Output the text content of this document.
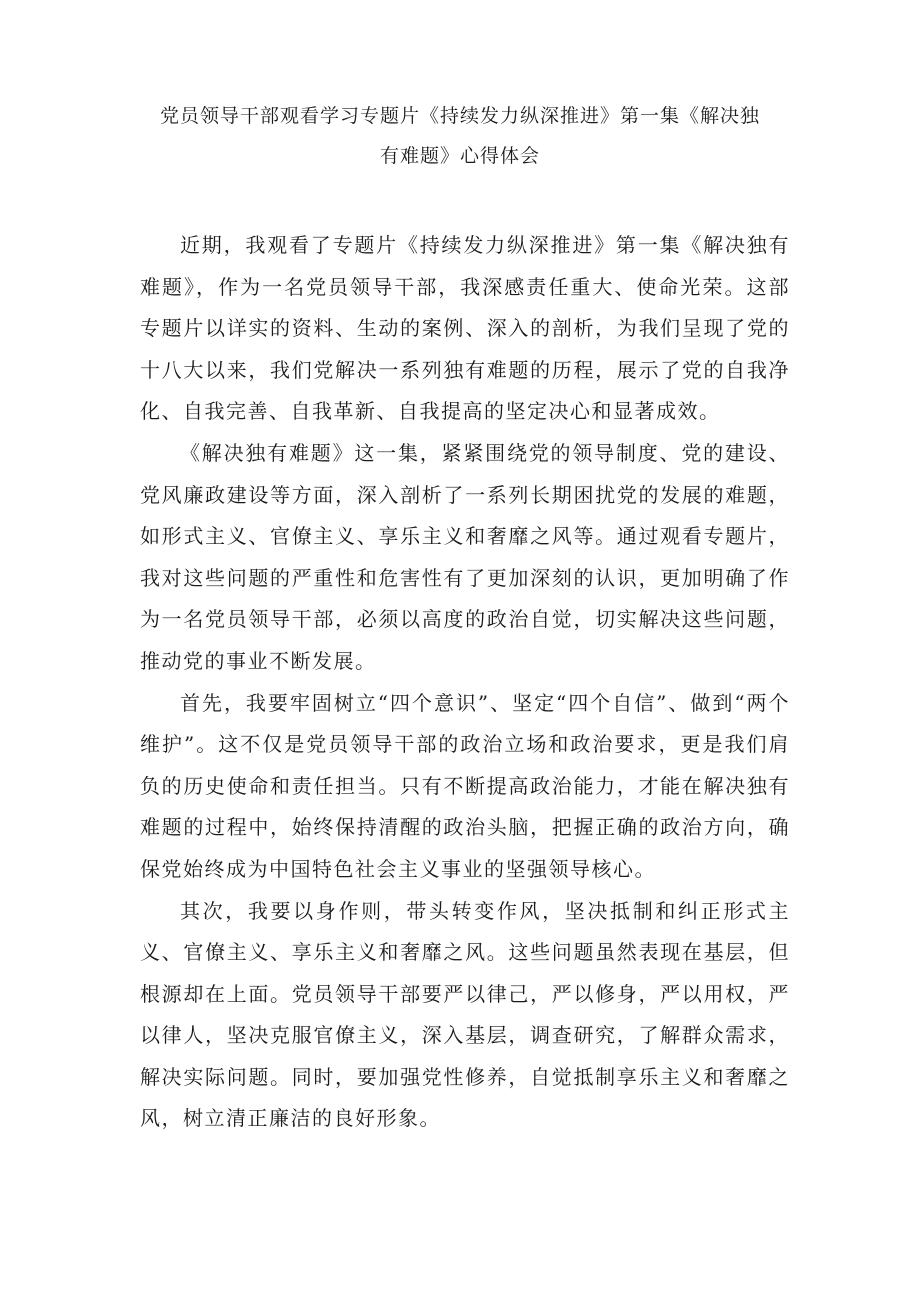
党员领导干部观看学习专题片《持续发力纵深推进》第一集《解决独
有难题》心得体会

近期，我观看了专题片《持续发力纵深推进》第一集《解决独有难题》，作为一名党员领导干部，我深感责任重大、使命光荣。这部专题片以详实的资料、生动的案例、深入的剖析，为我们呈现了党的十八大以来，我们党解决一系列独有难题的历程，展示了党的自我净化、自我完善、自我革新、自我提高的坚定决心和显著成效。

《解决独有难题》这一集，紧紧围绕党的领导制度、党的建设、党风廉政建设等方面，深入剖析了一系列长期困扰党的发展的难题，如形式主义、官僚主义、享乐主义和奢靡之风等。通过观看专题片，我对这些问题的严重性和危害性有了更加深刻的认识，更加明确了作为一名党员领导干部，必须以高度的政治自觉，切实解决这些问题，推动党的事业不断发展。

首先，我要牢固树立“四个意识”、坚定“四个自信”、做到“两个维护”。这不仅是党员领导干部的政治立场和政治要求，更是我们肩负的历史使命和责任担当。只有不断提高政治能力，才能在解决独有难题的过程中，始终保持清醒的政治头脑，把握正确的政治方向，确保党始终成为中国特色社会主义事业的坚强领导核心。

其次，我要以身作则，带头转变作风，坚决抵制和纠正形式主义、官僚主义、享乐主义和奢靡之风。这些问题虽然表现在基层，但根源却在上面。党员领导干部要严以律己，严以修身，严以用权，严以律人，坚决克服官僚主义，深入基层，调查研究，了解群众需求，解决实际问题。同时，要加强党性修养，自觉抵制享乐主义和奢靡之风，树立清正廉洁的良好形象。
